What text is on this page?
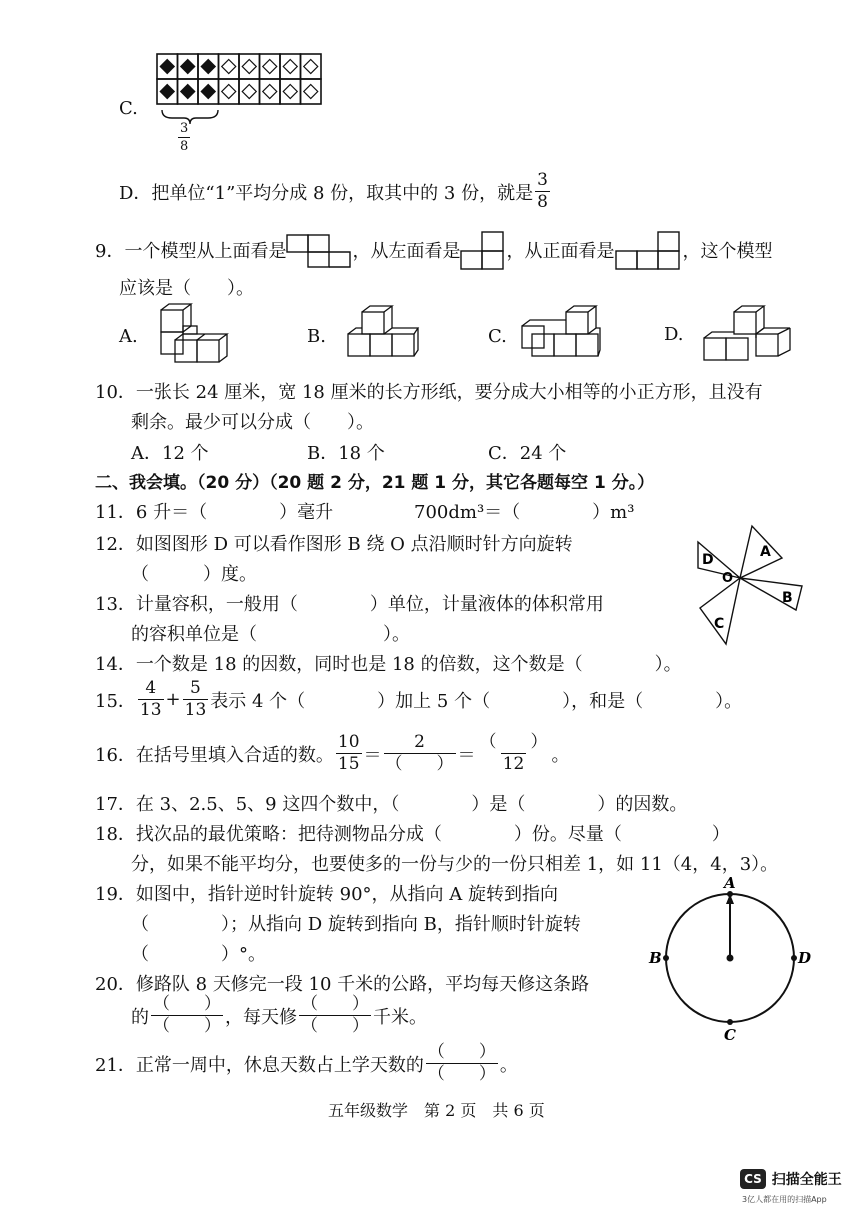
C.
$\frac{3}{8}$
D．把单位“1”平均分成 8 份，取其中的 3 份，就是 $\frac{3}{8}$
9．一个模型从上面看是	，从左面看是	，从正面看是	，这个模型
应该是（　　）。
A.	B.	C.	D.
10．一张长 24 厘米，宽 18 厘米的长方形纸，要分成大小相等的小正方形，且没有
剩余。最少可以分成（　　）。
A．12 个	B．18 个	C．24 个
二、我会填。（20 分）（20 题 2 分，21 题 1 分，其它各题每空 1 分。）
11．6 升＝（　　　　）毫升	700dm³＝（　　　　）m³
12．如图图形 D 可以看作图形 B 绕 O 点沿顺时针方向旋转
（　　　）度。
A
B
C
D
O
13．计量容积，一般用（　　　　）单位，计量液体的体积常用
的容积单位是（　　　　　　　）。
14．一个数是 18 的因数，同时也是 18 的倍数，这个数是（　　　　）。
15． $\frac{4}{13} + \frac{5}{13}$ 表示 4 个（　　　　）加上 5 个（　　　　），和是（　　　　）。
16．在括号里填入合适的数。 $\frac{10}{15} = \frac{2}{( )} = \frac{( )}{12}$ 。
17．在 3、2.5、5、9 这四个数中，（　　　　）是（　　　　）的因数。
18．找次品的最优策略：把待测物品分成（　　　　）份。尽量（　　　　　）
分，如果不能平均分，也要使多的一份与少的一份只相差 1，如 11（4，4，3）。
19．如图中，指针逆时针旋转 90°，从指向 A 旋转到指向
（　　　　）；从指向 D 旋转到指向 B，指针顺时针旋转
（　　　　）°。
A
B
C
D
20．修路队 8 天修完一段 10 千米的公路，平均每天修这条路
的 $\frac{( )}{( )}$ ，每天修 $\frac{( )}{( )}$ 千米。
21．正常一周中，休息天数占上学天数的 $\frac{( )}{( )}$ 。
五年级数学　第 2 页　共 6 页
CS 扫描全能王
3亿人都在用的扫描App
